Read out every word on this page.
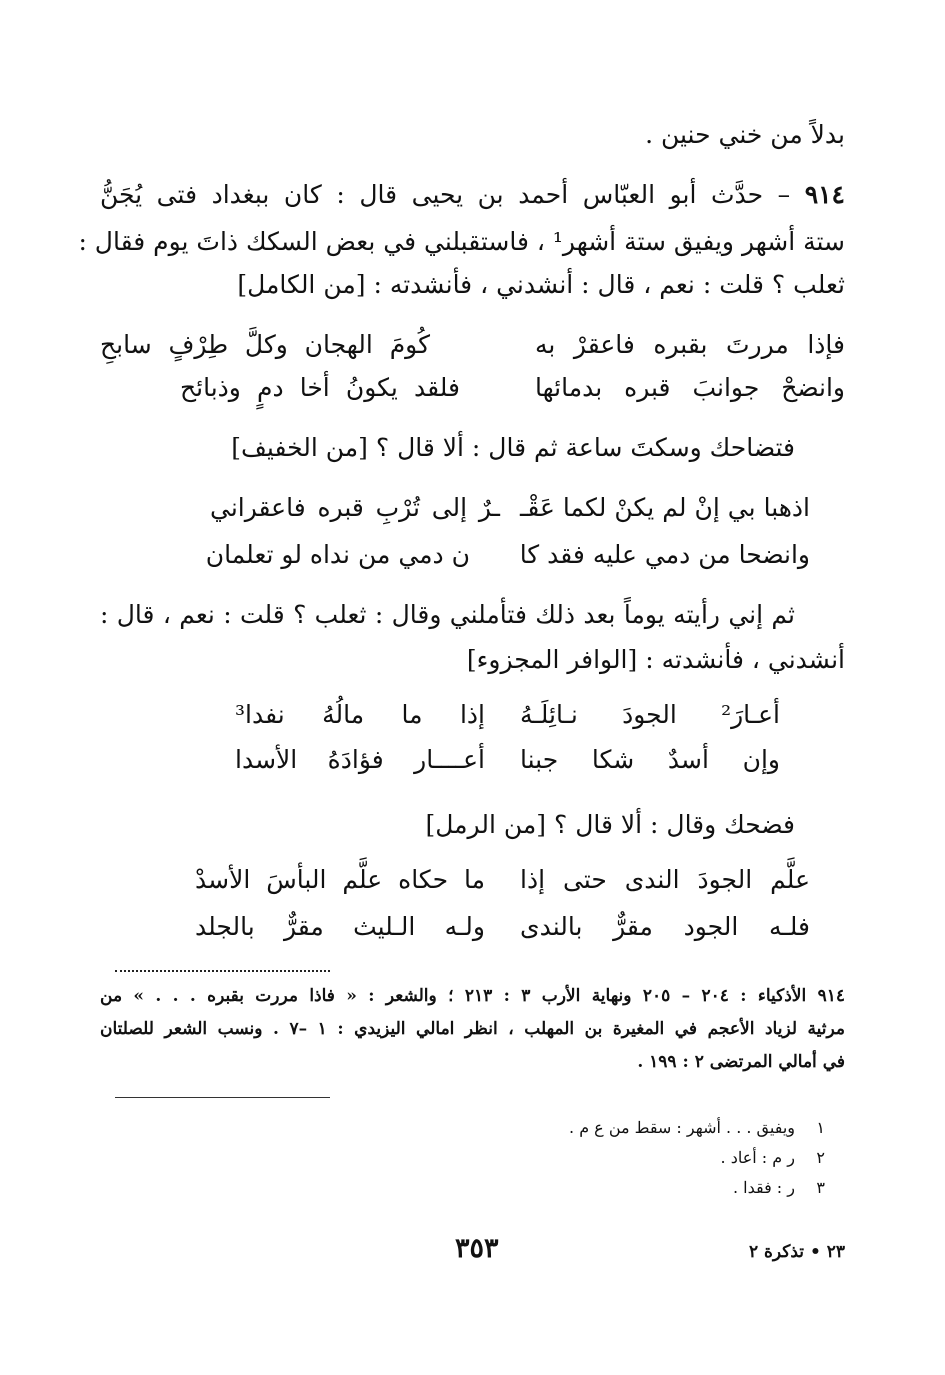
بدلاً من خني حنين .
٩١٤ – حدَّث أبو العبّاس أحمد بن يحيى قال : كان ببغداد فتى يُجَنُّ
ستة أشهر ويفيق ستة أشهر¹ ، فاستقبلني في بعض السكك ذاتَ يوم فقال :
ثعلب ؟ قلت : نعم ، قال : أنشدني ، فأنشدته : [من الكامل]
فإذا مررتَ بقبره فاعقرْ به
كُومَ الهجان وكلَّ طِرْفٍ سابحِ
وانضحْ جوانبَ قبره بدمائها
فلقد يكونُ أخا دمٍ وذبائح
فتضاحك وسكتَ ساعة ثم قال : ألا قال ؟ [من الخفيف]
اذهبا بي إنْ لم يكنْ لكما عَقْـ
ـرٌ إلى تُرْبِ قبره فاعقراني
وانضحا من دمي عليه فقد كا
ن دمي من نداه لو تعلمان
ثم إني رأيته يوماً بعد ذلك فتأملني وقال : ثعلب ؟ قلت : نعم ، قال :
أنشدني ، فأنشدته : [الوافر المجزوء]
أعـارَ² الجودَ نـائِلَـهُ
إذا ما مالُهُ نفدا³
وإن أسدٌ شكا جبنا
أعــــار فؤادَهُ الأسدا
فضحك وقال : ألا قال ؟ [من الرمل]
علَّم الجودَ الندى حتى إذا
ما حكاه علَّم البأسَ الأسدْ
فلـه الجود مقرٌّ بالندى
ولـه الـليث مقرٌّ بالجلد
٩١٤ الأذكياء : ٢٠٤ – ٢٠٥ ونهاية الأرب ٣ : ٢١٣ ؛ والشعر : « فاذا مررت بقبره . . . » من
مرثية لزياد الأعجم في المغيرة بن المهلب ، انظر امالي اليزيدي : ١ –٧ . ونسب الشعر للصلتان
في أمالي المرتضى ٢ : ١٩٩ .
١ويفيق . . . أشهر : سقط من ع م .
٢ر م : أعاد .
٣ر : فقدا .
٣٥٣	٢٣ • تذكرة ٢
